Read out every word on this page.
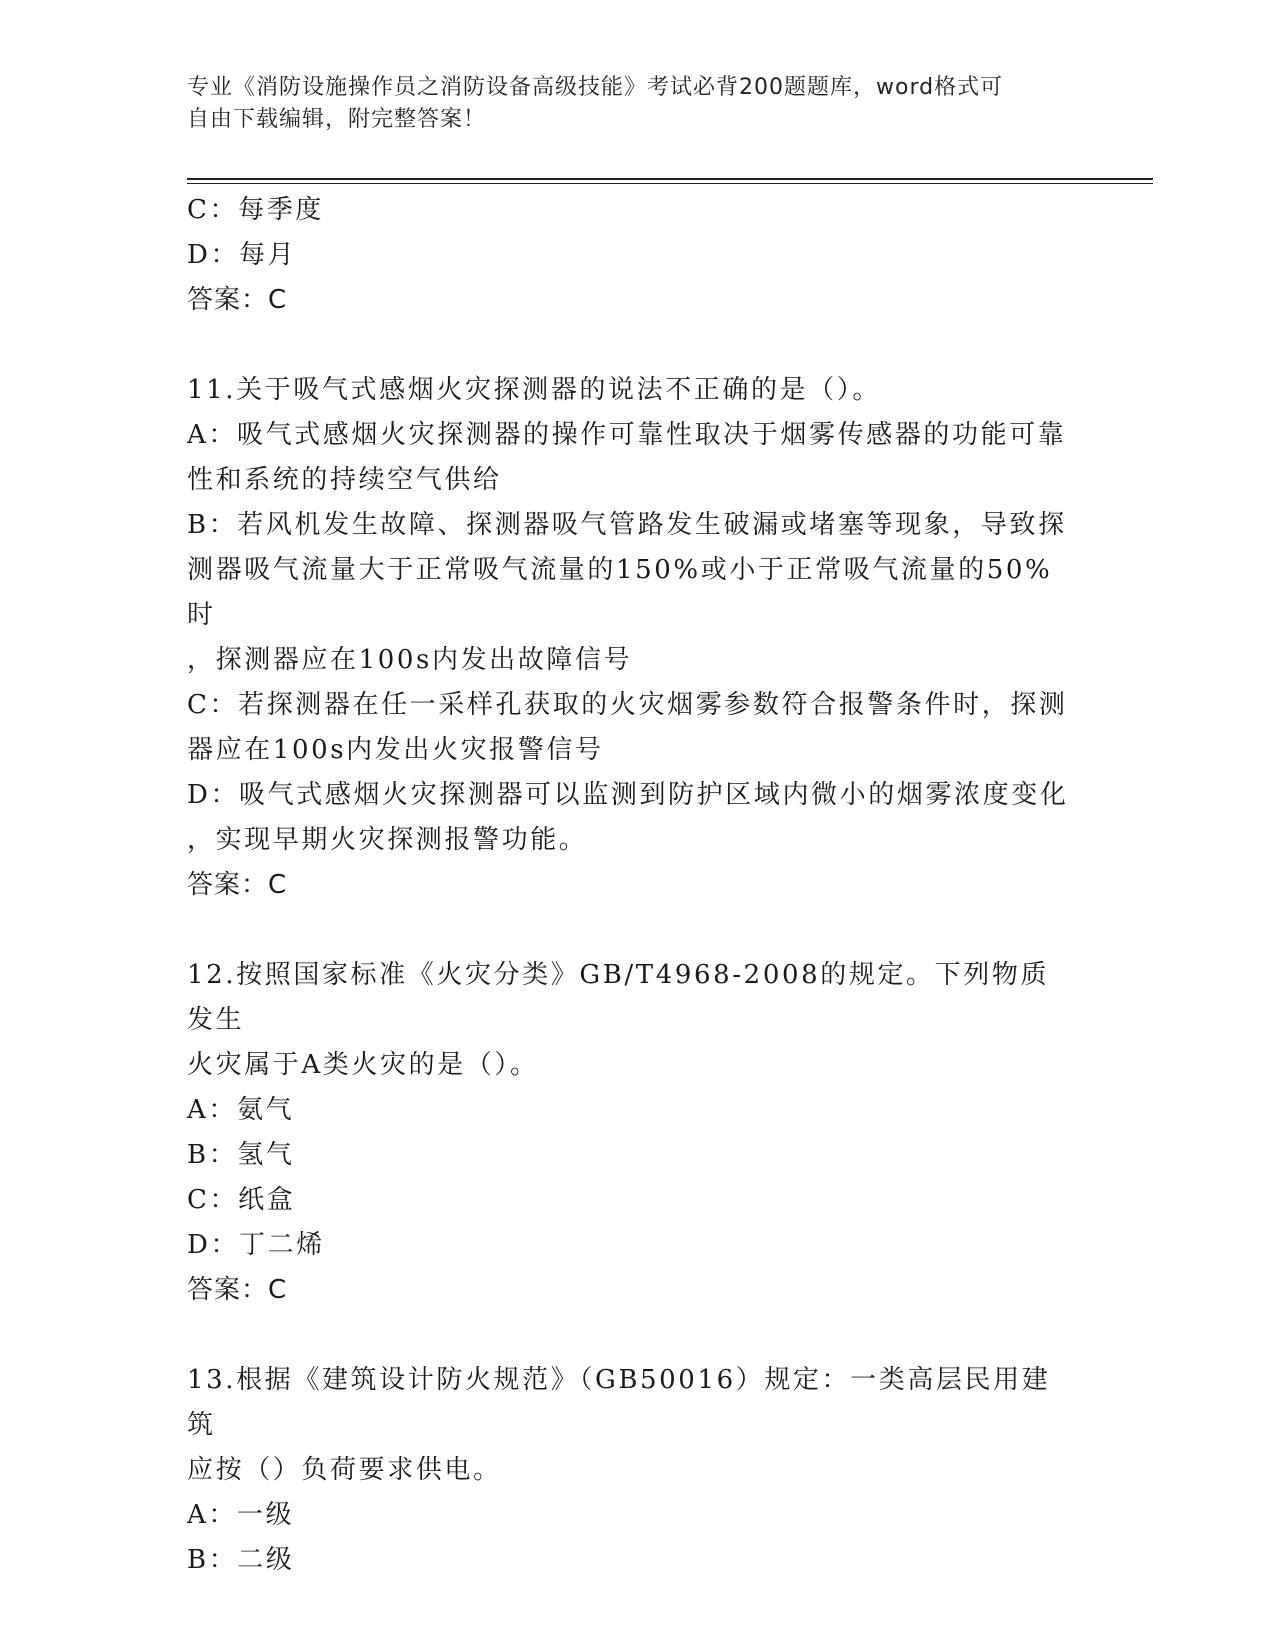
专业《消防设施操作员之消防设备高级技能》考试必背200题题库，word格式可
自由下载编辑，附完整答案！

C：每季度

D：每月

答案：C

11.关于吸气式感烟火灾探测器的说法不正确的是（）。

A：吸气式感烟火灾探测器的操作可靠性取决于烟雾传感器的功能可靠

性和系统的持续空气供给

B：若风机发生故障、探测器吸气管路发生破漏或堵塞等现象，导致探

测器吸气流量大于正常吸气流量的150%或小于正常吸气流量的50%时

，探测器应在100s内发出故障信号

C：若探测器在任一采样孔获取的火灾烟雾参数符合报警条件时，探测

器应在100s内发出火灾报警信号

D：吸气式感烟火灾探测器可以监测到防护区域内微小的烟雾浓度变化

，实现早期火灾探测报警功能。

答案：C

12.按照国家标准《火灾分类》GB/T4968-2008的规定。下列物质发生

火灾属于A类火灾的是（）。

A：氨气

B：氢气

C：纸盒

D：丁二烯

答案：C

13.根据《建筑设计防火规范》（GB50016）规定：一类高层民用建筑

应按（）负荷要求供电。

A：一级

B：二级
